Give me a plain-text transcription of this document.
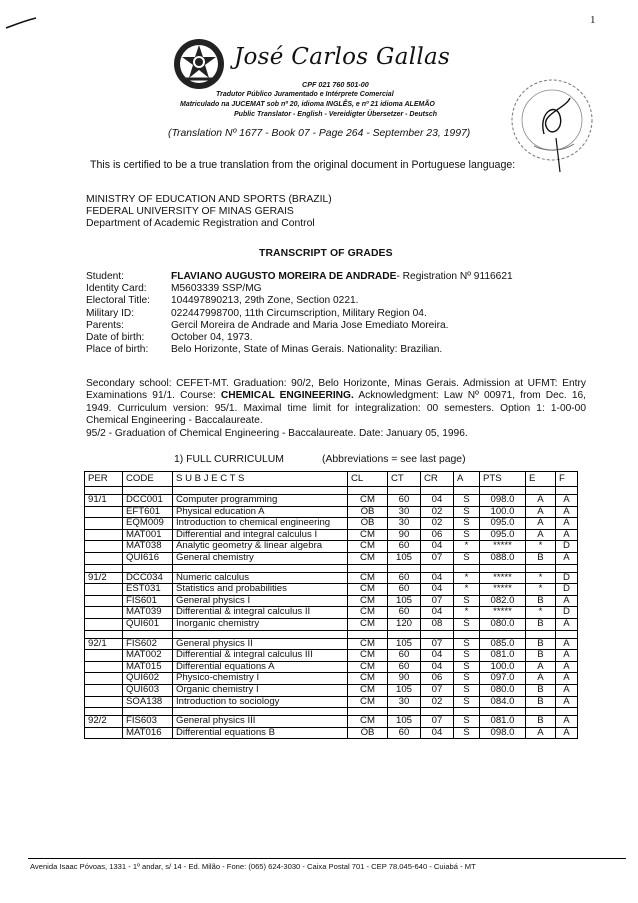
1
José Carlos Gallas
CPF 021 760 501-00
Tradutor Público Juramentado e Intérprete Comercial
Matriculado na JUCEMAT sob nº 20, idioma INGLÊS, e nº 21 idioma ALEMÃO
Public Translator - English - Vereidigter Übersetzer - Deutsch
(Translation Nº 1677 - Book 07 - Page 264 - September 23, 1997)
This is certified to be a true translation from the original document in Portuguese language:
MINISTRY OF EDUCATION AND SPORTS (BRAZIL)
FEDERAL UNIVERSITY OF MINAS GERAIS
Department of Academic Registration and Control
TRANSCRIPT OF GRADES
Student:	FLAVIANO AUGUSTO MOREIRA DE ANDRADE - Registration Nº 9116621
Identity Card:	M5603339 SSP/MG
Electoral Title:	104497890213, 29th Zone, Section 0221.
Military ID:	022447998700, 11th Circumscription, Military Region 04.
Parents:	Gercil Moreira de Andrade and Maria Jose Emediato Moreira.
Date of birth:	October 04, 1973.
Place of birth:	Belo Horizonte, State of Minas Gerais. Nationality: Brazilian.

Secondary school: CEFET-MT. Graduation: 90/2, Belo Horizonte, Minas Gerais. Admission at UFMT: Entry Examinations 91/1. Course: CHEMICAL ENGINEERING. Acknowledgment: Law Nº 00971, from Dec. 16, 1949. Curriculum version: 95/1. Maximal time limit for integralization: 00 semesters. Option 1: 1-00-00 Chemical Engineering - Baccalaureate.

95/2 - Graduation of Chemical Engineering - Baccalaureate. Date: January 05, 1996.

1) FULL CURRICULUM	(Abbreviations = see last page)
PER	CODE	S U B J E C T S	CL	CT	CR	A	PTS	E	F

91/1	DCC001	Computer programming	CM	60	04	S	098.0	A	A
	EFT601	Physical education A	OB	30	02	S	100.0	A	A
	EQM009	Introduction to chemical engineering	OB	30	02	S	095.0	A	A
	MAT001	Differential and integral calculus I	CM	90	06	S	095.0	A	A
	MAT038	Analytic geometry & linear algebra	CM	60	04	*	*****	*	D
	QUI616	General chemistry	CM	105	07	S	088.0	B	A

91/2	DCC034	Numeric calculus	CM	60	04	*	*****	*	D
	EST031	Statistics and probabilities	CM	60	04	*	*****	*	D
	FIS601	General physics I	CM	105	07	S	082.0	B	A
	MAT039	Differential & integral calculus II	CM	60	04	*	*****	*	D
	QUI601	Inorganic chemistry	CM	120	08	S	080.0	B	A

92/1	FIS602	General physics II	CM	105	07	S	085.0	B	A
	MAT002	Differential & integral calculus III	CM	60	04	S	081.0	B	A
	MAT015	Differential equations A	CM	60	04	S	100.0	A	A
	QUI602	Physico-chemistry I	CM	90	06	S	097.0	A	A
	QUI603	Organic chemistry I	CM	105	07	S	080.0	B	A
	SOA138	Introduction to sociology	CM	30	02	S	084.0	B	A

92/2	FIS603	General physics III	CM	105	07	S	081.0	B	A
	MAT016	Differential equations B	OB	60	04	S	098.0	A	A
Avenida Isaac Póvoas, 1331 - 1º andar, s/ 14 - Ed. Milão - Fone: (065) 624-3030 - Caixa Postal 701 - CEP 78.045-640 - Cuiabá - MT
